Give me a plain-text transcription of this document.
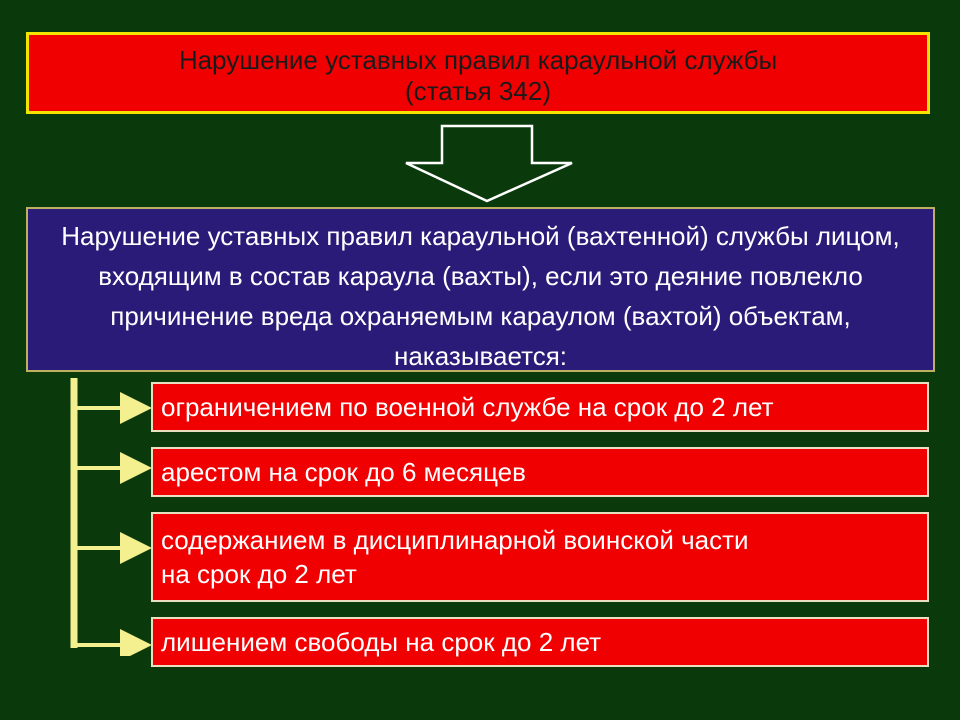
Нарушение уставных правил караульной службы
(статья 342)
Нарушение уставных правил караульной (вахтенной) службы лицом, входящим в состав караула (вахты), если это деяние повлекло причинение вреда охраняемым караулом (вахтой) объектам, наказывается:
ограничением по военной службе на срок до 2 лет
арестом на срок до 6 месяцев
содержанием в дисциплинарной воинской части
на срок до 2 лет
лишением свободы на срок до 2 лет
